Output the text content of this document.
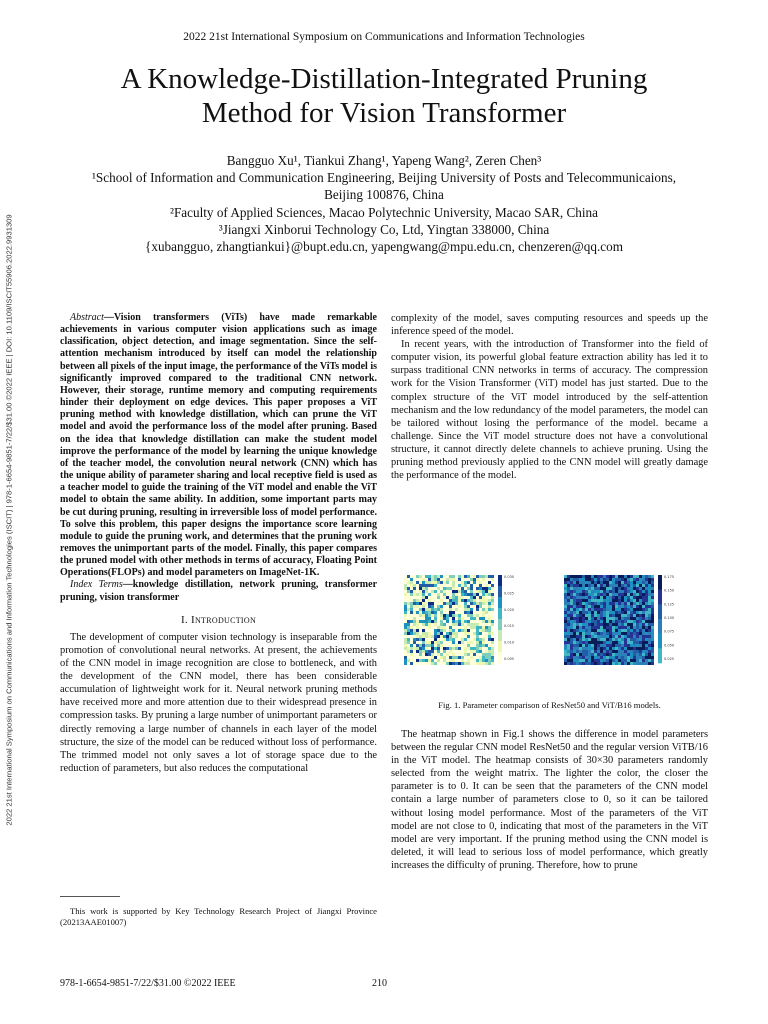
2022 21st International Symposium on Communications and Information Technologies
A Knowledge-Distillation-Integrated Pruning
Method for Vision Transformer
Bangguo Xu¹, Tiankui Zhang¹, Yapeng Wang², Zeren Chen³
¹School of Information and Communication Engineering, Beijing University of Posts and Telecommunicaions,
Beijing 100876, China
²Faculty of Applied Sciences, Macao Polytechnic University, Macao SAR, China
³Jiangxi Xinborui Technology Co, Ltd, Yingtan 338000, China
{xubangguo, zhangtiankui}@bupt.edu.cn, yapengwang@mpu.edu.cn, chenzeren@qq.com
2022 21st International Symposium on Communications and Information Technologies (ISCIT) | 978-1-6654-9851-7/22/$31.00 ©2022 IEEE | DOI: 10.1109/ISCIT55906.2022.9931309	Abstract—Vision transformers (ViTs) have made remarkable achievements in various computer vision applications such as image classification, object detection, and image segmentation. Since the self-attention mechanism introduced by itself can model the relationship between all pixels of the input image, the performance of the ViTs model is significantly improved compared to the traditional CNN network. However, their storage, runtime memory and computing requirements hinder their deployment on edge devices. This paper proposes a ViT pruning method with knowledge distillation, which can prune the ViT model and avoid the performance loss of the model after pruning. Based on the idea that knowledge distillation can make the student model improve the performance of the model by learning the unique knowledge of the teacher model, the convolution neural network (CNN) which has the unique ability of parameter sharing and local receptive field is used as a teacher model to guide the training of the ViT model and enable the ViT model to obtain the same ability. In addition, some important parts may be cut during pruning, resulting in irreversible loss of model performance. To solve this problem, this paper designs the importance score learning module to guide the pruning work, and determines that the pruning work removes the unimportant parts of the model. Finally, this paper compares the pruned model with other methods in terms of accuracy, Floating Point Operations(FLOPs) and model parameters on ImageNet-1K.

Index Terms—knowledge distillation, network pruning, transformer pruning, vision transformer

I. Introduction

The development of computer vision technology is inseparable from the promotion of convolutional neural networks. At present, the achievements of the CNN model in image recognition are close to bottleneck, and with the development of the CNN model, there has been considerable accumulation of lightweight work for it. Neural network pruning methods have received more and more attention due to their widespread presence in compression tasks. By pruning a large number of unimportant parameters or directly removing a large number of channels in each layer of the model structure, the size of the model can be reduced without loss of performance. The trimmed model not only saves a lot of storage space due to the reduction of parameters, but also reduces the computational

This work is supported by Key Technology Research Project of Jiangxi Province (20213AAE01007)

complexity of the model, saves computing resources and speeds up the inference speed of the model.

In recent years, with the introduction of Transformer into the field of computer vision, its powerful global feature extraction ability has led it to surpass traditional CNN networks in terms of accuracy. The compression work for the Vision Transformer (ViT) model has just started. Due to the complex structure of the ViT model introduced by the self-attention mechanism and the low redundancy of the model parameters, the model can be tailored without losing the performance of the model. became a challenge. Since the ViT model structure does not have a convolutional structure, it cannot directly delete channels to achieve pruning. Using the pruning method previously applied to the CNN model will greatly damage the performance of the model.

0.030
0.025
0.020
0.015
0.010
0.005
0.175
0.150
0.125
0.100
0.075
0.050
0.025
Fig. 1. Parameter comparison of ResNet50 and ViT/B16 models.

The heatmap shown in Fig.1 shows the difference in model parameters between the regular CNN model ResNet50 and the regular version ViTB/16 in the ViT model. The heatmap consists of 30×30 parameters randomly selected from the weight matrix. The lighter the color, the closer the parameter is to 0. It can be seen that the parameters of the CNN model contain a large number of parameters close to 0, so it can be tailored without losing model performance. Most of the parameters of the ViT model are not close to 0, indicating that most of the parameters in the ViT model are very important. If the pruning method using the CNN model is deleted, it will lead to serious loss of model performance, which greatly increases the difficulty of pruning. Therefore, how to prune

978-1-6654-9851-7/22/$31.00 ©2022 IEEE	210
